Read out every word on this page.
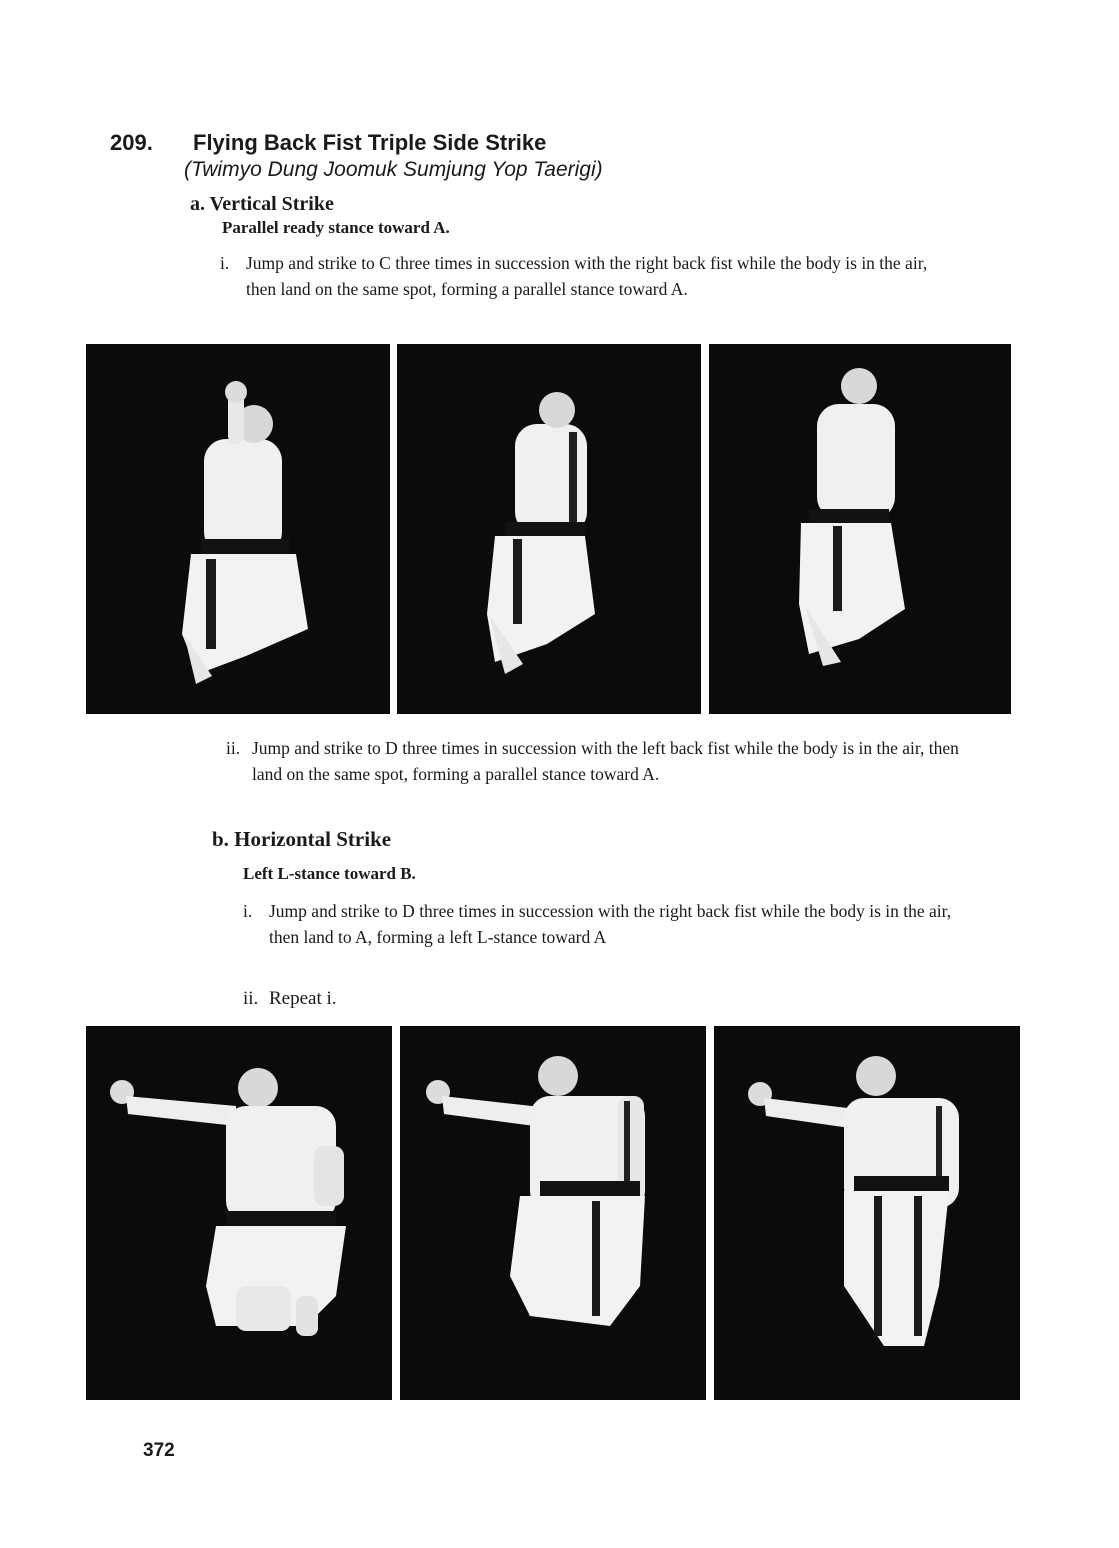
209. Flying Back Fist Triple Side Strike
(Twimyo Dung Joomuk Sumjung Yop Taerigi)
a. Vertical Strike
Parallel ready stance toward A.
i. Jump and strike to C three times in succession with the right back fist while the body is in the air, then land on the same spot, forming a parallel stance toward A.
ii. Jump and strike to D three times in succession with the left back fist while the body is in the air, then land on the same spot, forming a parallel stance toward A.
b. Horizontal Strike
Left L-stance toward B.
i. Jump and strike to D three times in succession with the right back fist while the body is in the air, then land to A, forming a left L-stance toward A
ii. Repeat i.
372
